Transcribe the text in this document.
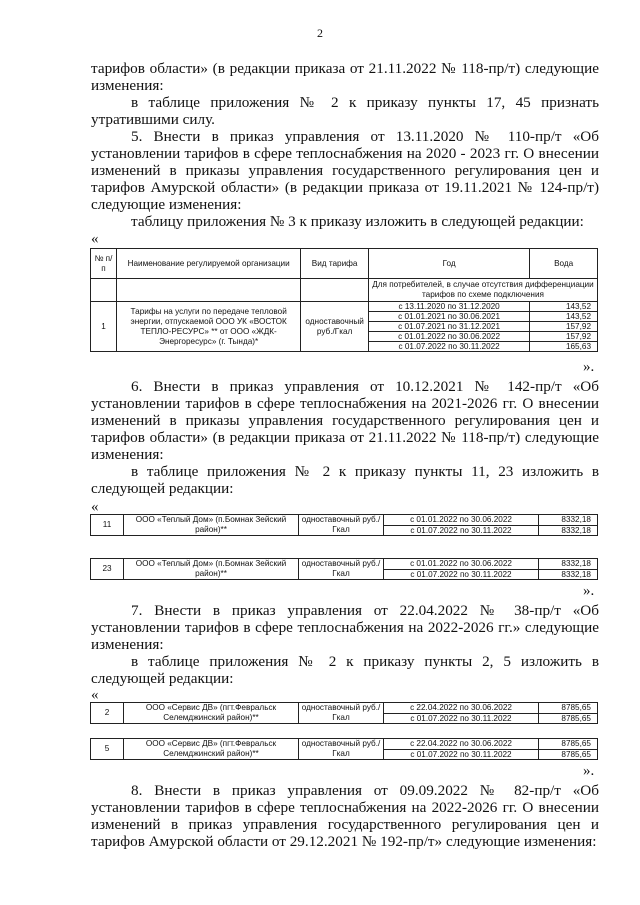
2

тарифов области» (в редакции приказа от 21.11.2022 № 118-пр/т) следующие изменения:

в таблице приложения № 2 к приказу пункты 17, 45 признать утратившими силу.

5. Внести в приказ управления от 13.11.2020 № 110-пр/т «Об установлении тарифов в сфере теплоснабжения на 2020 - 2023 гг. О внесении изменений в приказы управления государственного регулирования цен и тарифов Амурской области» (в редакции приказа от 19.11.2021 № 124-пр/т) следующие изменения:

таблицу приложения № 3 к приказу изложить в следующей редакции:

«
№ п/п	Наименование регулируемой организации	Вид тарифа	Год	Вода
			Для потребителей, в случае отсутствия дифференциации тарифов по схеме подключения	
1	Тарифы на услуги по передаче тепловой энергии, отпускаемой ООО УК «ВОСТОК ТЕПЛО-РЕСУРС» ** от ООО «ЖДК-Энергоресурс» (г. Тында)*	одноставочный руб./Гкал	с 13.11.2020 по 31.12.2020	143,52
			с 01.01.2021 по 30.06.2021	143,52
			с 01.07.2021 по 31.12.2021	157,92
			с 01.01.2022 по 30.06.2022	157,92
			с 01.07.2022 по 30.11.2022	165,63
».

6. Внести в приказ управления от 10.12.2021 № 142-пр/т «Об установлении тарифов в сфере теплоснабжения на 2021-2026 гг. О внесении изменений в приказы управления государственного регулирования цен и тарифов области» (в редакции приказа от 21.11.2022 № 118-пр/т) следующие изменения:

в таблице приложения № 2 к приказу пункты 11, 23 изложить в следующей редакции:

«
11	ООО «Теплый Дом» (п.Бомнак Зейский район)**	одноставочный руб./Гкал	с 01.01.2022 по 30.06.2022	8332,18
			с 01.07.2022 по 30.11.2022	8332,18
23	ООО «Теплый Дом» (п.Бомнак Зейский район)**	одноставочный руб./Гкал	с 01.01.2022 по 30.06.2022	8332,18
			с 01.07.2022 по 30.11.2022	8332,18
».

7. Внести в приказ управления от 22.04.2022 № 38-пр/т «Об установлении тарифов в сфере теплоснабжения на 2022-2026 гг.» следующие изменения:

в таблице приложения № 2 к приказу пункты 2, 5 изложить в следующей редакции:

«
2	ООО «Сервис ДВ» (пгт.Февральск Селемджинский район)**	одноставочный руб./Гкал	с 22.04.2022 по 30.06.2022	8785,65
			с 01.07.2022 по 30.11.2022	8785,65
5	ООО «Сервис ДВ» (пгт.Февральск Селемджинский район)**	одноставочный руб./Гкал	с 22.04.2022 по 30.06.2022	8785,65
			с 01.07.2022 по 30.11.2022	8785,65
».

8. Внести в приказ управления от 09.09.2022 № 82-пр/т «Об установлении тарифов в сфере теплоснабжения на 2022-2026 гг. О внесении изменений в приказ управления государственного регулирования цен и тарифов Амурской области от 29.12.2021 № 192-пр/т» следующие изменения:
